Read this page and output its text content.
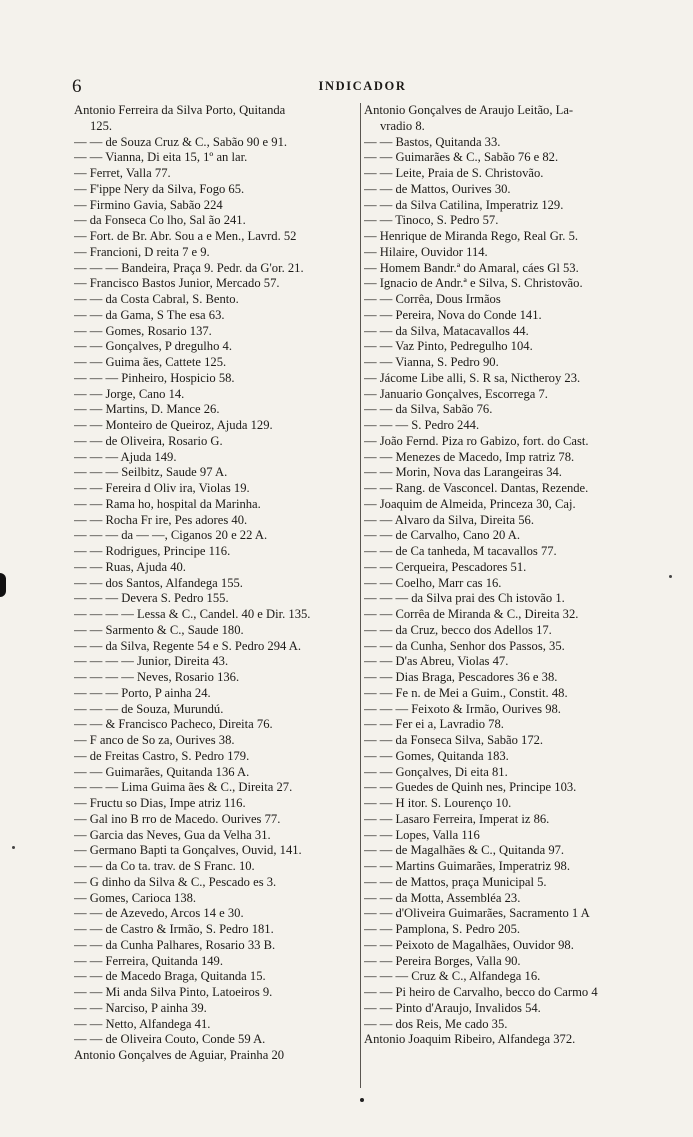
6	INDICADOR
Antonio Ferreira da Silva Porto, Quitanda
125.
— — de Souza Cruz & C., Sabão 90 e 91.
— — Vianna, Di eita 15, 1º an lar.
— Ferret, Valla 77.
— F'ippe Nery da Silva, Fogo 65.
— Firmino Gavia, Sabão 224
— da Fonseca Co lho, Sal ão 241.
— Fort. de Br. Abr. Sou a e Men., Lavrd. 52
— Francioni, D reita 7 e 9.
— — — Bandeira, Praça 9. Pedr. da G'or. 21.
— Francisco Bastos Junior, Mercado 57.
— — da Costa Cabral, S. Bento.
— — da Gama, S The esa 63.
— — Gomes, Rosario 137.
— — Gonçalves, P dregulho 4.
— — Guima ães, Cattete 125.
— — — Pinheiro, Hospicio 58.
— — Jorge, Cano 14.
— — Martins, D. Mance 26.
— — Monteiro de Queiroz, Ajuda 129.
— — de Oliveira, Rosario G.
— — — Ajuda 149.
— — — Seilbitz, Saude 97 A.
— — Fereira d Oliv ira, Violas 19.
— — Rama ho, hospital da Marinha.
— — Rocha Fr ire, Pes adores 40.
— — — da — —, Ciganos 20 e 22 A.
— — Rodrigues, Principe 116.
— — Ruas, Ajuda 40.
— — dos Santos, Alfandega 155.
— — — Devera S. Pedro 155.
— — — — Lessa & C., Candel. 40 e Dir. 135.
— — Sarmento & C., Saude 180.
— — da Silva, Regente 54 e S. Pedro 294 A.
— — — — Junior, Direita 43.
— — — — Neves, Rosario 136.
— — — Porto, P ainha 24.
— — — de Souza, Murundú.
— — & Francisco Pacheco, Direita 76.
— F anco de So za, Ourives 38.
— de Freitas Castro, S. Pedro 179.
— — Guimarães, Quitanda 136 A.
— — — Lima Guima ães & C., Direita 27.
— Fructu so Dias, Impe atriz 116.
— Gal ino B rro de Macedo. Ourives 77.
— Garcia das Neves, Gua da Velha 31.
— Germano Bapti ta Gonçalves, Ouvid, 141.
— — da Co ta. trav. de S Franc. 10.
— G dinho da Silva & C., Pescado es 3.
— Gomes, Carioca 138.
— — de Azevedo, Arcos 14 e 30.
— — de Castro & Irmão, S. Pedro 181.
— — da Cunha Palhares, Rosario 33 B.
— — Ferreira, Quitanda 149.
— — de Macedo Braga, Quitanda 15.
— — Mi anda Silva Pinto, Latoeiros 9.
— — Narciso, P ainha 39.
— — Netto, Alfandega 41.
— — de Oliveira Couto, Conde 59 A.
Antonio Gonçalves de Aguiar, Prainha 20
Antonio Gonçalves de Araujo Leitão, La-
vradio 8.
— — Bastos, Quitanda 33.
— — Guimarães & C., Sabão 76 e 82.
— — Leite, Praia de S. Christovão.
— — de Mattos, Ourives 30.
— — da Silva Catilina, Imperatriz 129.
— — Tinoco, S. Pedro 57.
— Henrique de Miranda Rego, Real Gr. 5.
— Hilaire, Ouvidor 114.
— Homem Bandr.ª do Amaral, cáes Gl 53.
— Ignacio de Andr.ª e Silva, S. Christovão.
— — Corrêa, Dous Irmãos
— — Pereira, Nova do Conde 141.
— — da Silva, Matacavallos 44.
— — Vaz Pinto, Pedregulho 104.
— — Vianna, S. Pedro 90.
— Jácome Libe alli, S. R sa, Nictheroy 23.
— Januario Gonçalves, Escorrega 7.
— — da Silva, Sabão 76.
— — — S. Pedro 244.
— João Fernd. Piza ro Gabizo, fort. do Cast.
— — Menezes de Macedo, Imp ratriz 78.
— — Morin, Nova das Larangeiras 34.
— — Rang. de Vasconcel. Dantas, Rezende.
— Joaquim de Almeida, Princeza 30, Caj.
— — Alvaro da Silva, Direita 56.
— — de Carvalho, Cano 20 A.
— — de Ca tanheda, M tacavallos 77.
— — Cerqueira, Pescadores 51.
— — Coelho, Marr cas 16.
— — — da Silva prai des Ch istovão 1.
— — Corrêa de Miranda & C., Direita 32.
— — da Cruz, becco dos Adellos 17.
— — da Cunha, Senhor dos Passos, 35.
— — D'as Abreu, Violas 47.
— — Dias Braga, Pescadores 36 e 38.
— — Fe n. de Mei a Guim., Constit. 48.
— — — Feixoto & Irmão, Ourives 98.
— — Fer ei a, Lavradio 78.
— — da Fonseca Silva, Sabão 172.
— — Gomes, Quitanda 183.
— — Gonçalves, Di eita 81.
— — Guedes de Quinh nes, Principe 103.
— — H itor. S. Lourenço 10.
— — Lasaro Ferreira, Imperat iz 86.
— — Lopes, Valla 116
— — de Magalhães & C., Quitanda 97.
— — Martins Guimarães, Imperatriz 98.
— — de Mattos, praça Municipal 5.
— — da Motta, Assembléa 23.
— — d'Oliveira Guimarães, Sacramento 1 A
— — Pamplona, S. Pedro 205.
— — Peixoto de Magalhães, Ouvidor 98.
— — Pereira Borges, Valla 90.
— — — Cruz & C., Alfandega 16.
— — Pi heiro de Carvalho, becco do Carmo 4
— — Pinto d'Araujo, Invalidos 54.
— — dos Reis, Me cado 35.
Antonio Joaquim Ribeiro, Alfandega 372.
